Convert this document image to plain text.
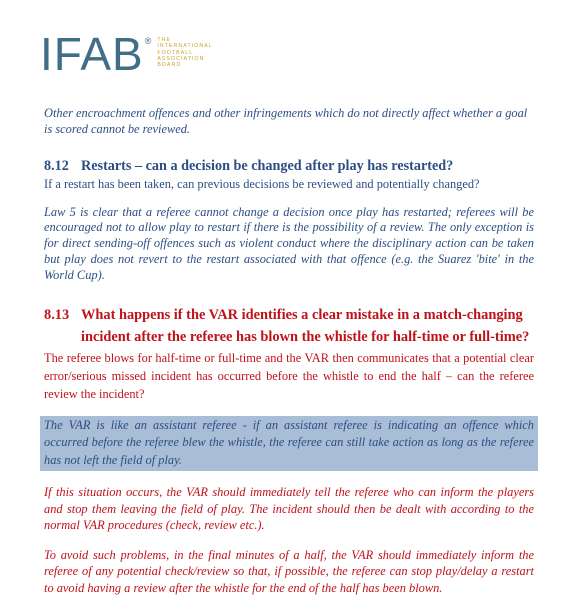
IFAB ® THE
INTERNATIONAL
FOOTBALL
ASSOCIATION
BOARD

Other encroachment offences and other infringements which do not directly affect whether a goal is scored cannot be reviewed.

8.12 Restarts – can a decision be changed after play has restarted?

If a restart has been taken, can previous decisions be reviewed and potentially changed?

Law 5 is clear that a referee cannot change a decision once play has restarted; referees will be encouraged not to allow play to restart if there is the possibility of a review. The only exception is for direct sending-off offences such as violent conduct where the disciplinary action can be taken but play does not revert to the restart associated with that offence (e.g. the Suarez 'bite' in the World Cup).

8.13 What happens if the VAR identifies a clear mistake in a match-changing incident after the referee has blown the whistle for half-time or full-time?

The referee blows for half-time or full-time and the VAR then communicates that a potential clear error/serious missed incident has occurred before the whistle to end the half – can the referee review the incident?

The VAR is like an assistant referee - if an assistant referee is indicating an offence which occurred before the referee blew the whistle, the referee can still take action as long as the referee has not left the field of play.

If this situation occurs, the VAR should immediately tell the referee who can inform the players and stop them leaving the field of play. The incident should then be dealt with according to the normal VAR procedures (check, review etc.).

To avoid such problems, in the final minutes of a half, the VAR should immediately inform the referee of any potential check/review so that, if possible, the referee can stop play/delay a restart to avoid having a review after the whistle for the end of the half has been blown.
